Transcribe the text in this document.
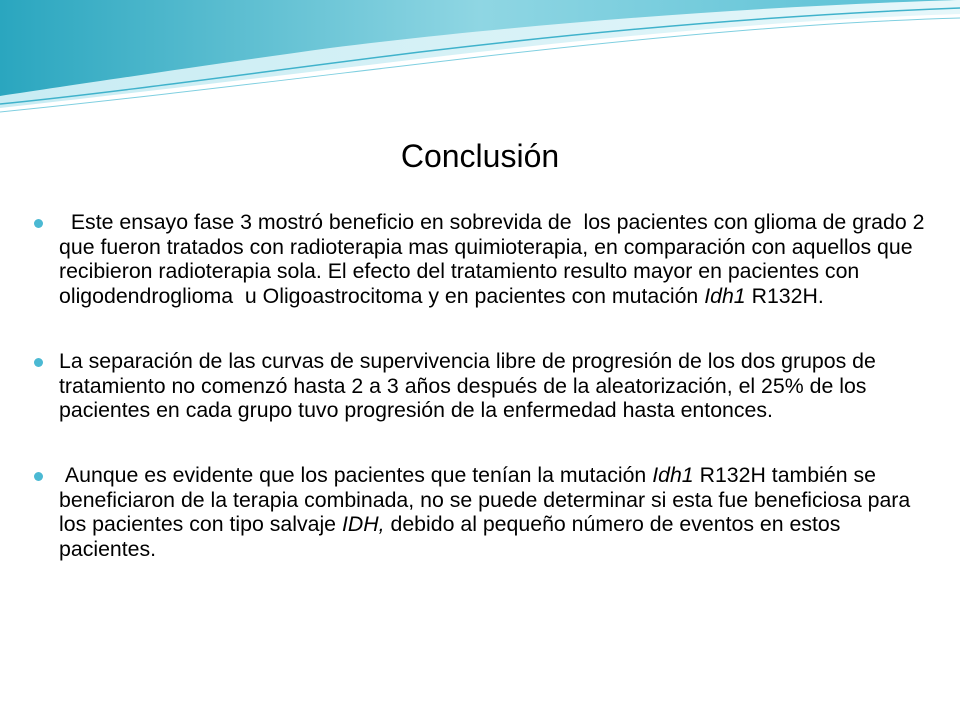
Conclusión

Este ensayo fase 3 mostró beneficio en sobrevida de  los pacientes con glioma de grado 2 que fueron tratados con radioterapia mas quimioterapia, en comparación con aquellos que recibieron radioterapia sola. El efecto del tratamiento resulto mayor en pacientes con oligodendroglioma  u Oligoastrocitoma y en pacientes con mutación Idh1 R132H.

La separación de las curvas de supervivencia libre de progresión de los dos grupos de tratamiento no comenzó hasta 2 a 3 años después de la aleatorización, el 25% de los pacientes en cada grupo tuvo progresión de la enfermedad hasta entonces.

Aunque es evidente que los pacientes que tenían la mutación Idh1 R132H también se beneficiaron de la terapia combinada, no se puede determinar si esta fue beneficiosa para los pacientes con tipo salvaje IDH, debido al pequeño número de eventos en estos pacientes.
